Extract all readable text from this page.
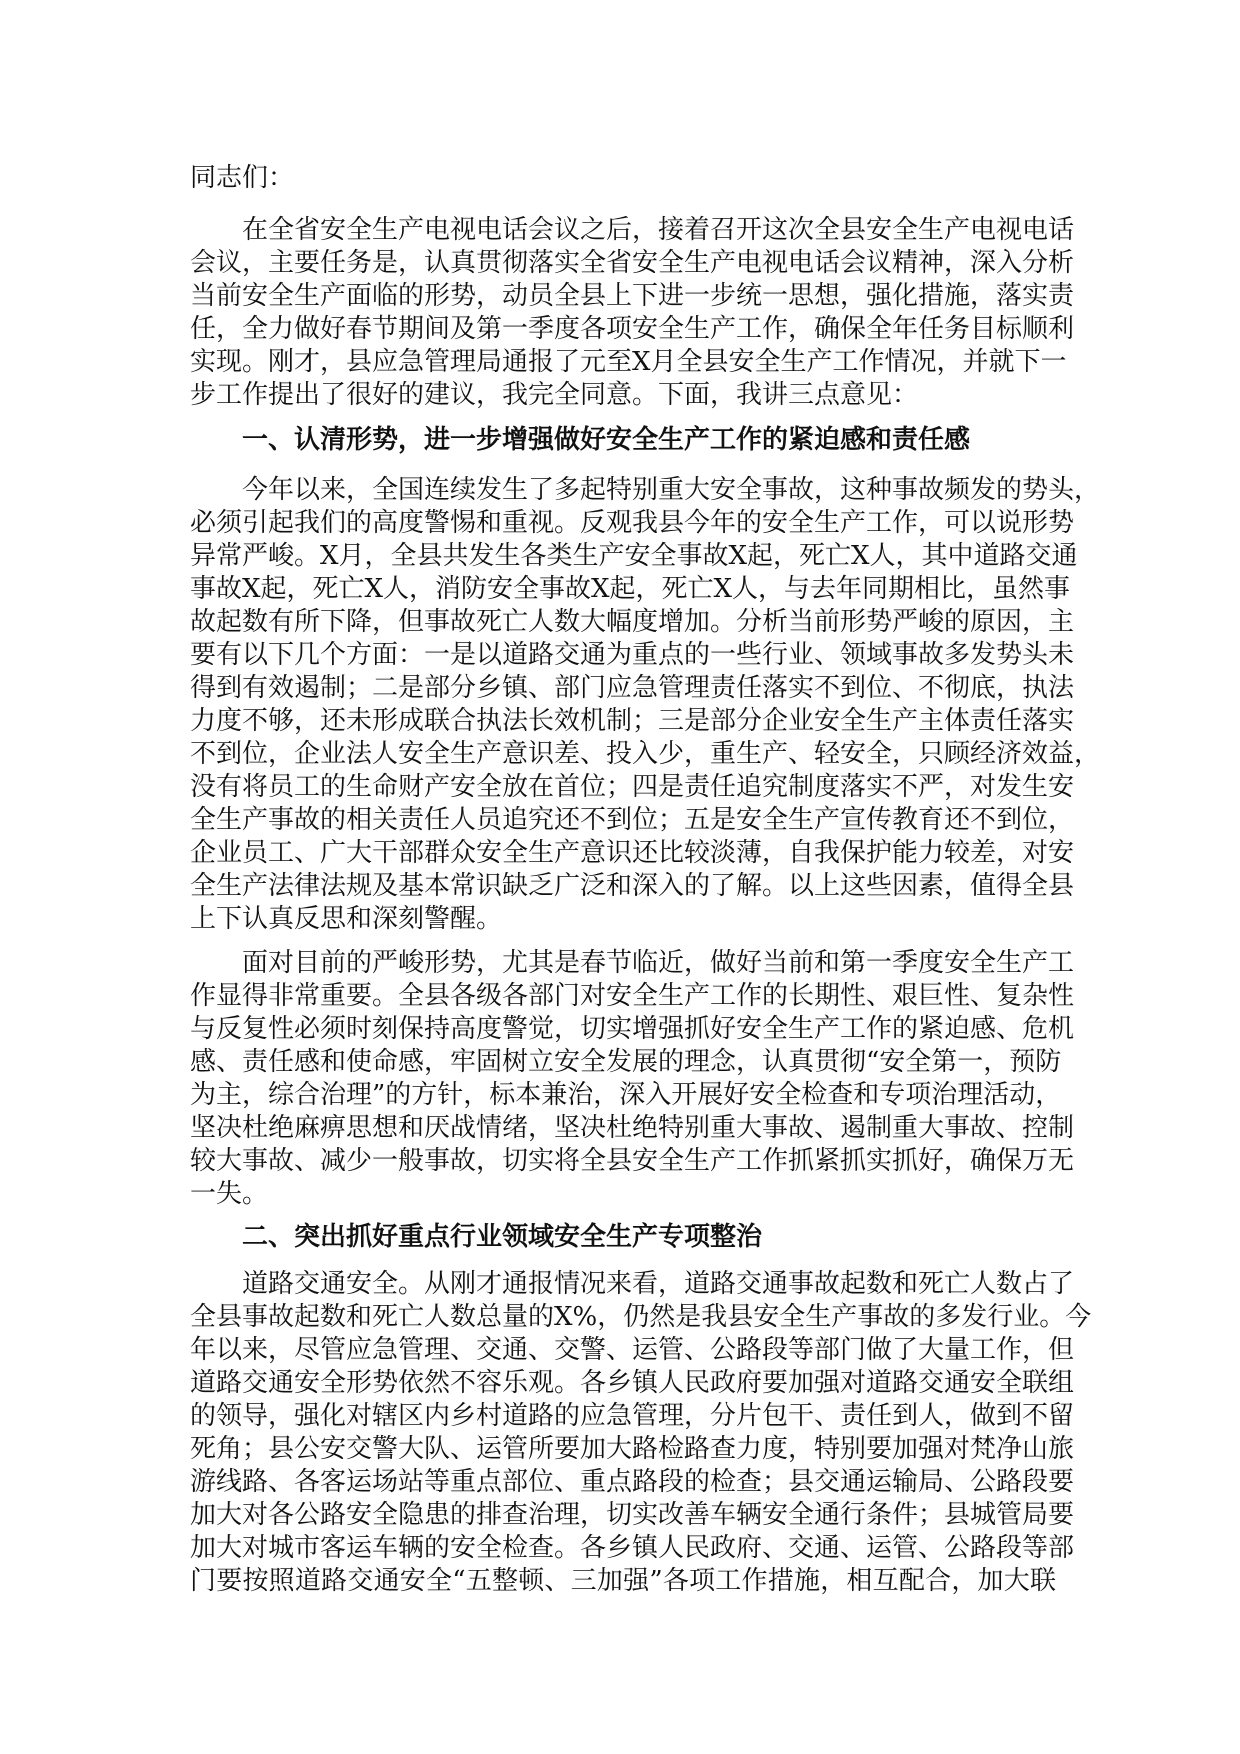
同志们：
在全省安全生产电视电话会议之后，接着召开这次全县安全生产电视电话
会议，主要任务是，认真贯彻落实全省安全生产电视电话会议精神，深入分析
当前安全生产面临的形势，动员全县上下进一步统一思想，强化措施，落实责
任，全力做好春节期间及第一季度各项安全生产工作，确保全年任务目标顺利
实现。刚才，县应急管理局通报了元至X月全县安全生产工作情况，并就下一
步工作提出了很好的建议，我完全同意。下面，我讲三点意见：
一、认清形势，进一步增强做好安全生产工作的紧迫感和责任感
今年以来，全国连续发生了多起特别重大安全事故，这种事故频发的势头，
必须引起我们的高度警惕和重视。反观我县今年的安全生产工作，可以说形势
异常严峻。X月，全县共发生各类生产安全事故X起，死亡X人，其中道路交通
事故X起，死亡X人，消防安全事故X起，死亡X人，与去年同期相比，虽然事
故起数有所下降，但事故死亡人数大幅度增加。分析当前形势严峻的原因，主
要有以下几个方面：一是以道路交通为重点的一些行业、领域事故多发势头未
得到有效遏制；二是部分乡镇、部门应急管理责任落实不到位、不彻底，执法
力度不够，还未形成联合执法长效机制；三是部分企业安全生产主体责任落实
不到位，企业法人安全生产意识差、投入少，重生产、轻安全，只顾经济效益，
没有将员工的生命财产安全放在首位；四是责任追究制度落实不严，对发生安
全生产事故的相关责任人员追究还不到位；五是安全生产宣传教育还不到位，
企业员工、广大干部群众安全生产意识还比较淡薄，自我保护能力较差，对安
全生产法律法规及基本常识缺乏广泛和深入的了解。以上这些因素，值得全县
上下认真反思和深刻警醒。
面对目前的严峻形势，尤其是春节临近，做好当前和第一季度安全生产工
作显得非常重要。全县各级各部门对安全生产工作的长期性、艰巨性、复杂性
与反复性必须时刻保持高度警觉，切实增强抓好安全生产工作的紧迫感、危机
感、责任感和使命感，牢固树立安全发展的理念，认真贯彻“安全第一，预防
为主，综合治理”的方针，标本兼治，深入开展好安全检查和专项治理活动，
坚决杜绝麻痹思想和厌战情绪，坚决杜绝特别重大事故、遏制重大事故、控制
较大事故、减少一般事故，切实将全县安全生产工作抓紧抓实抓好，确保万无
一失。
二、突出抓好重点行业领域安全生产专项整治
道路交通安全。从刚才通报情况来看，道路交通事故起数和死亡人数占了
全县事故起数和死亡人数总量的X%，仍然是我县安全生产事故的多发行业。今
年以来，尽管应急管理、交通、交警、运管、公路段等部门做了大量工作，但
道路交通安全形势依然不容乐观。各乡镇人民政府要加强对道路交通安全联组
的领导，强化对辖区内乡村道路的应急管理，分片包干、责任到人，做到不留
死角；县公安交警大队、运管所要加大路检路查力度，特别要加强对梵净山旅
游线路、各客运场站等重点部位、重点路段的检查；县交通运输局、公路段要
加大对各公路安全隐患的排查治理，切实改善车辆安全通行条件；县城管局要
加大对城市客运车辆的安全检查。各乡镇人民政府、交通、运管、公路段等部
门要按照道路交通安全“五整顿、三加强”各项工作措施，相互配合，加大联
